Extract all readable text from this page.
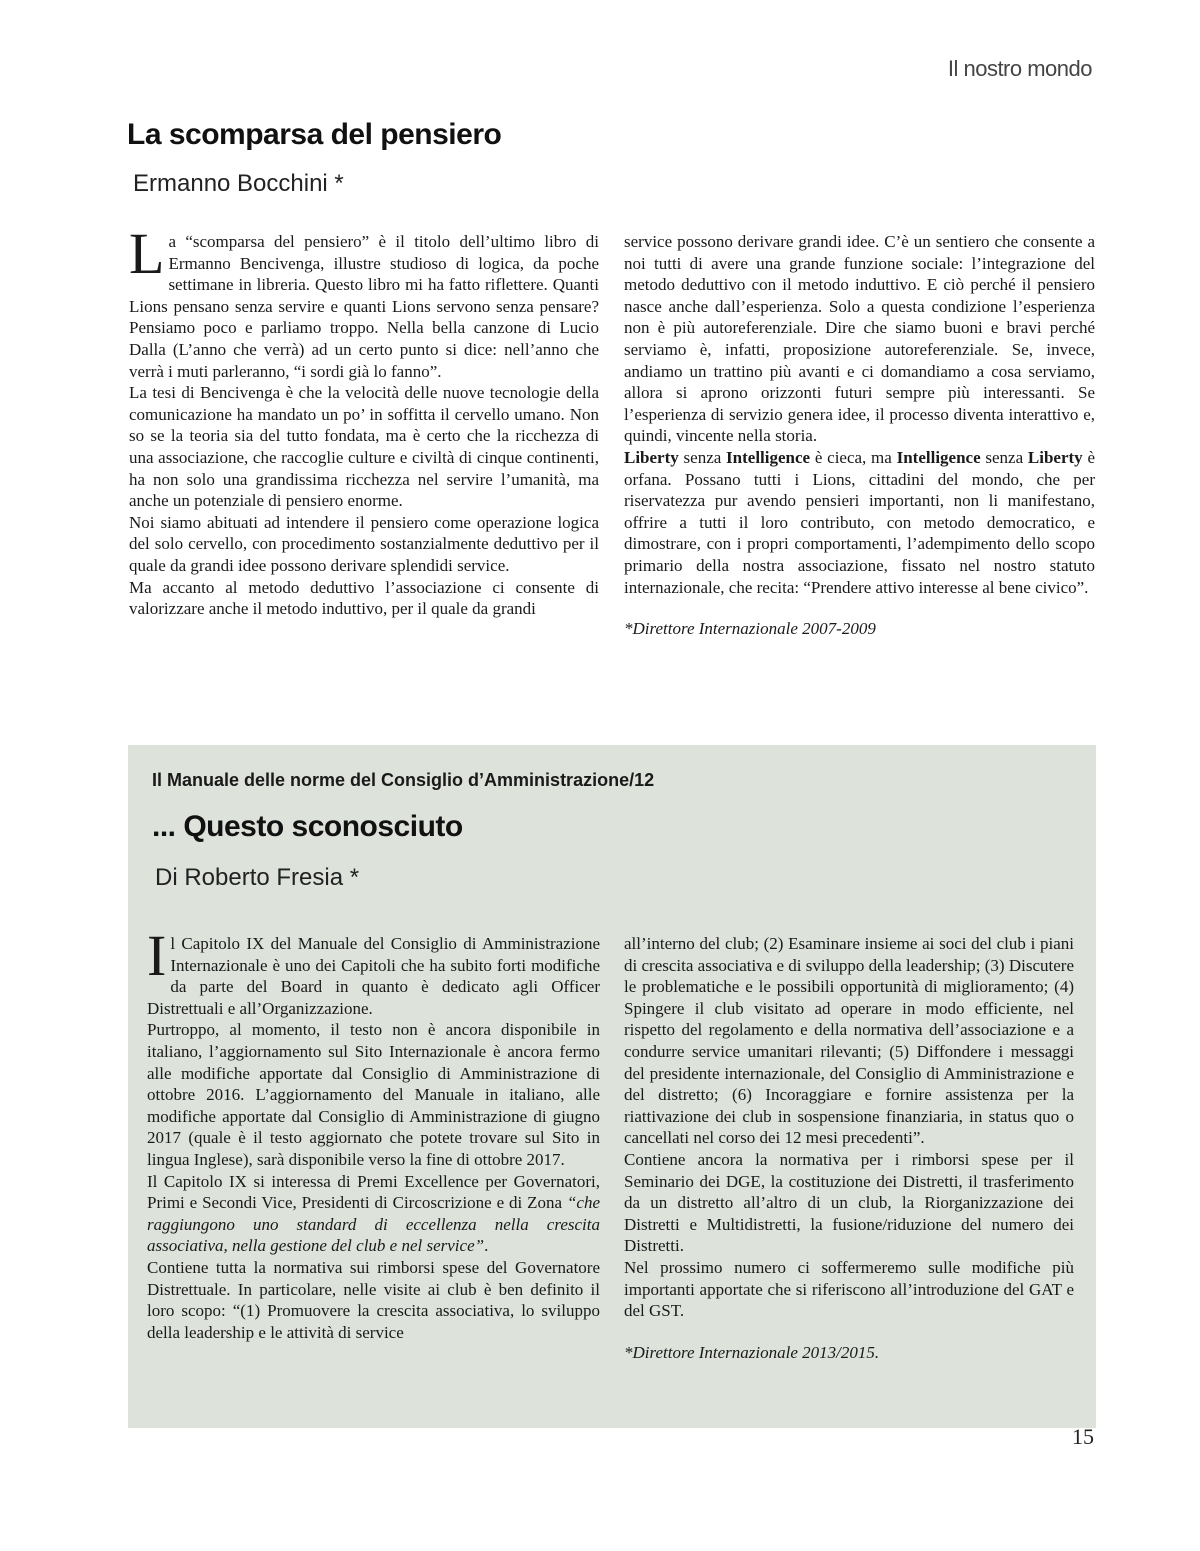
Il nostro mondo
La scomparsa del pensiero
Ermanno Bocchini *

La “scomparsa del pensiero” è il titolo dell’ultimo libro di Ermanno Bencivenga, illustre studioso di logica, da poche settimane in libreria. Questo libro mi ha fatto riflettere. Quanti Lions pensano senza servire e quanti Lions servono senza pensare? Pensiamo poco e parliamo troppo. Nella bella canzone di Lucio Dalla (L’anno che verrà) ad un certo punto si dice: nell’anno che verrà i muti parleranno, “i sordi già lo fanno”.

La tesi di Bencivenga è che la velocità delle nuove tecnologie della comunicazione ha mandato un po’ in soffitta il cervello umano. Non so se la teoria sia del tutto fondata, ma è certo che la ricchezza di una associazione, che raccoglie culture e civiltà di cinque continenti, ha non solo una grandissima ricchezza nel servire l’umanità, ma anche un potenziale di pensiero enorme.

Noi siamo abituati ad intendere il pensiero come operazione logica del solo cervello, con procedimento sostanzialmente deduttivo per il quale da grandi idee possono derivare splendidi service.

Ma accanto al metodo deduttivo l’associazione ci consente di valorizzare anche il metodo induttivo, per il quale da grandi

service possono derivare grandi idee. C’è un sentiero che consente a noi tutti di avere una grande funzione sociale: l’integrazione del metodo deduttivo con il metodo induttivo. E ciò perché il pensiero nasce anche dall’esperienza. Solo a questa condizione l’esperienza non è più autoreferenziale. Dire che siamo buoni e bravi perché serviamo è, infatti, proposizione autoreferenziale. Se, invece, andiamo un trattino più avanti e ci domandiamo a cosa serviamo, allora si aprono orizzonti futuri sempre più interessanti. Se l’esperienza di servizio genera idee, il processo diventa interattivo e, quindi, vincente nella storia.

Liberty senza Intelligence è cieca, ma Intelligence senza Liberty è orfana. Possano tutti i Lions, cittadini del mondo, che per riservatezza pur avendo pensieri importanti, non li manifestano, offrire a tutti il loro contributo, con metodo democratico, e dimostrare, con i propri comportamenti, l’adempimento dello scopo primario della nostra associazione, fissato nel nostro statuto internazionale, che recita: “Prendere attivo interesse al bene civico”.

*Direttore Internazionale 2007-2009

Il Manuale delle norme del Consiglio d’Amministrazione/12
... Questo sconosciuto
Di Roberto Fresia *

Il Capitolo IX del Manuale del Consiglio di Amministrazione Internazionale è uno dei Capitoli che ha subito forti modifiche da parte del Board in quanto è dedicato agli Officer Distrettuali e all’Organizzazione.

Purtroppo, al momento, il testo non è ancora disponibile in italiano, l’aggiornamento sul Sito Internazionale è ancora fermo alle modifiche apportate dal Consiglio di Amministrazione di ottobre 2016. L’aggiornamento del Manuale in italiano, alle modifiche apportate dal Consiglio di Amministrazione di giugno 2017 (quale è il testo aggiornato che potete trovare sul Sito in lingua Inglese), sarà disponibile verso la fine di ottobre 2017.

Il Capitolo IX si interessa di Premi Excellence per Governatori, Primi e Secondi Vice, Presidenti di Circoscrizione e di Zona “che raggiungono uno standard di eccellenza nella crescita associativa, nella gestione del club e nel service”.

Contiene tutta la normativa sui rimborsi spese del Governatore Distrettuale. In particolare, nelle visite ai club è ben definito il loro scopo: “(1) Promuovere la crescita associativa, lo sviluppo della leadership e le attività di service

all’interno del club; (2) Esaminare insieme ai soci del club i piani di crescita associativa e di sviluppo della leadership; (3) Discutere le problematiche e le possibili opportunità di miglioramento; (4) Spingere il club visitato ad operare in modo efficiente, nel rispetto del regolamento e della normativa dell’associazione e a condurre service umanitari rilevanti; (5) Diffondere i messaggi del presidente internazionale, del Consiglio di Amministrazione e del distretto; (6) Incoraggiare e fornire assistenza per la riattivazione dei club in sospensione finanziaria, in status quo o cancellati nel corso dei 12 mesi precedenti”.

Contiene ancora la normativa per i rimborsi spese per il Seminario dei DGE, la costituzione dei Distretti, il trasferimento da un distretto all’altro di un club, la Riorganizzazione dei Distretti e Multidistretti, la fusione/riduzione del numero dei Distretti.

Nel prossimo numero ci soffermeremo sulle modifiche più importanti apportate che si riferiscono all’introduzione del GAT e del GST.

*Direttore Internazionale 2013/2015.

15
